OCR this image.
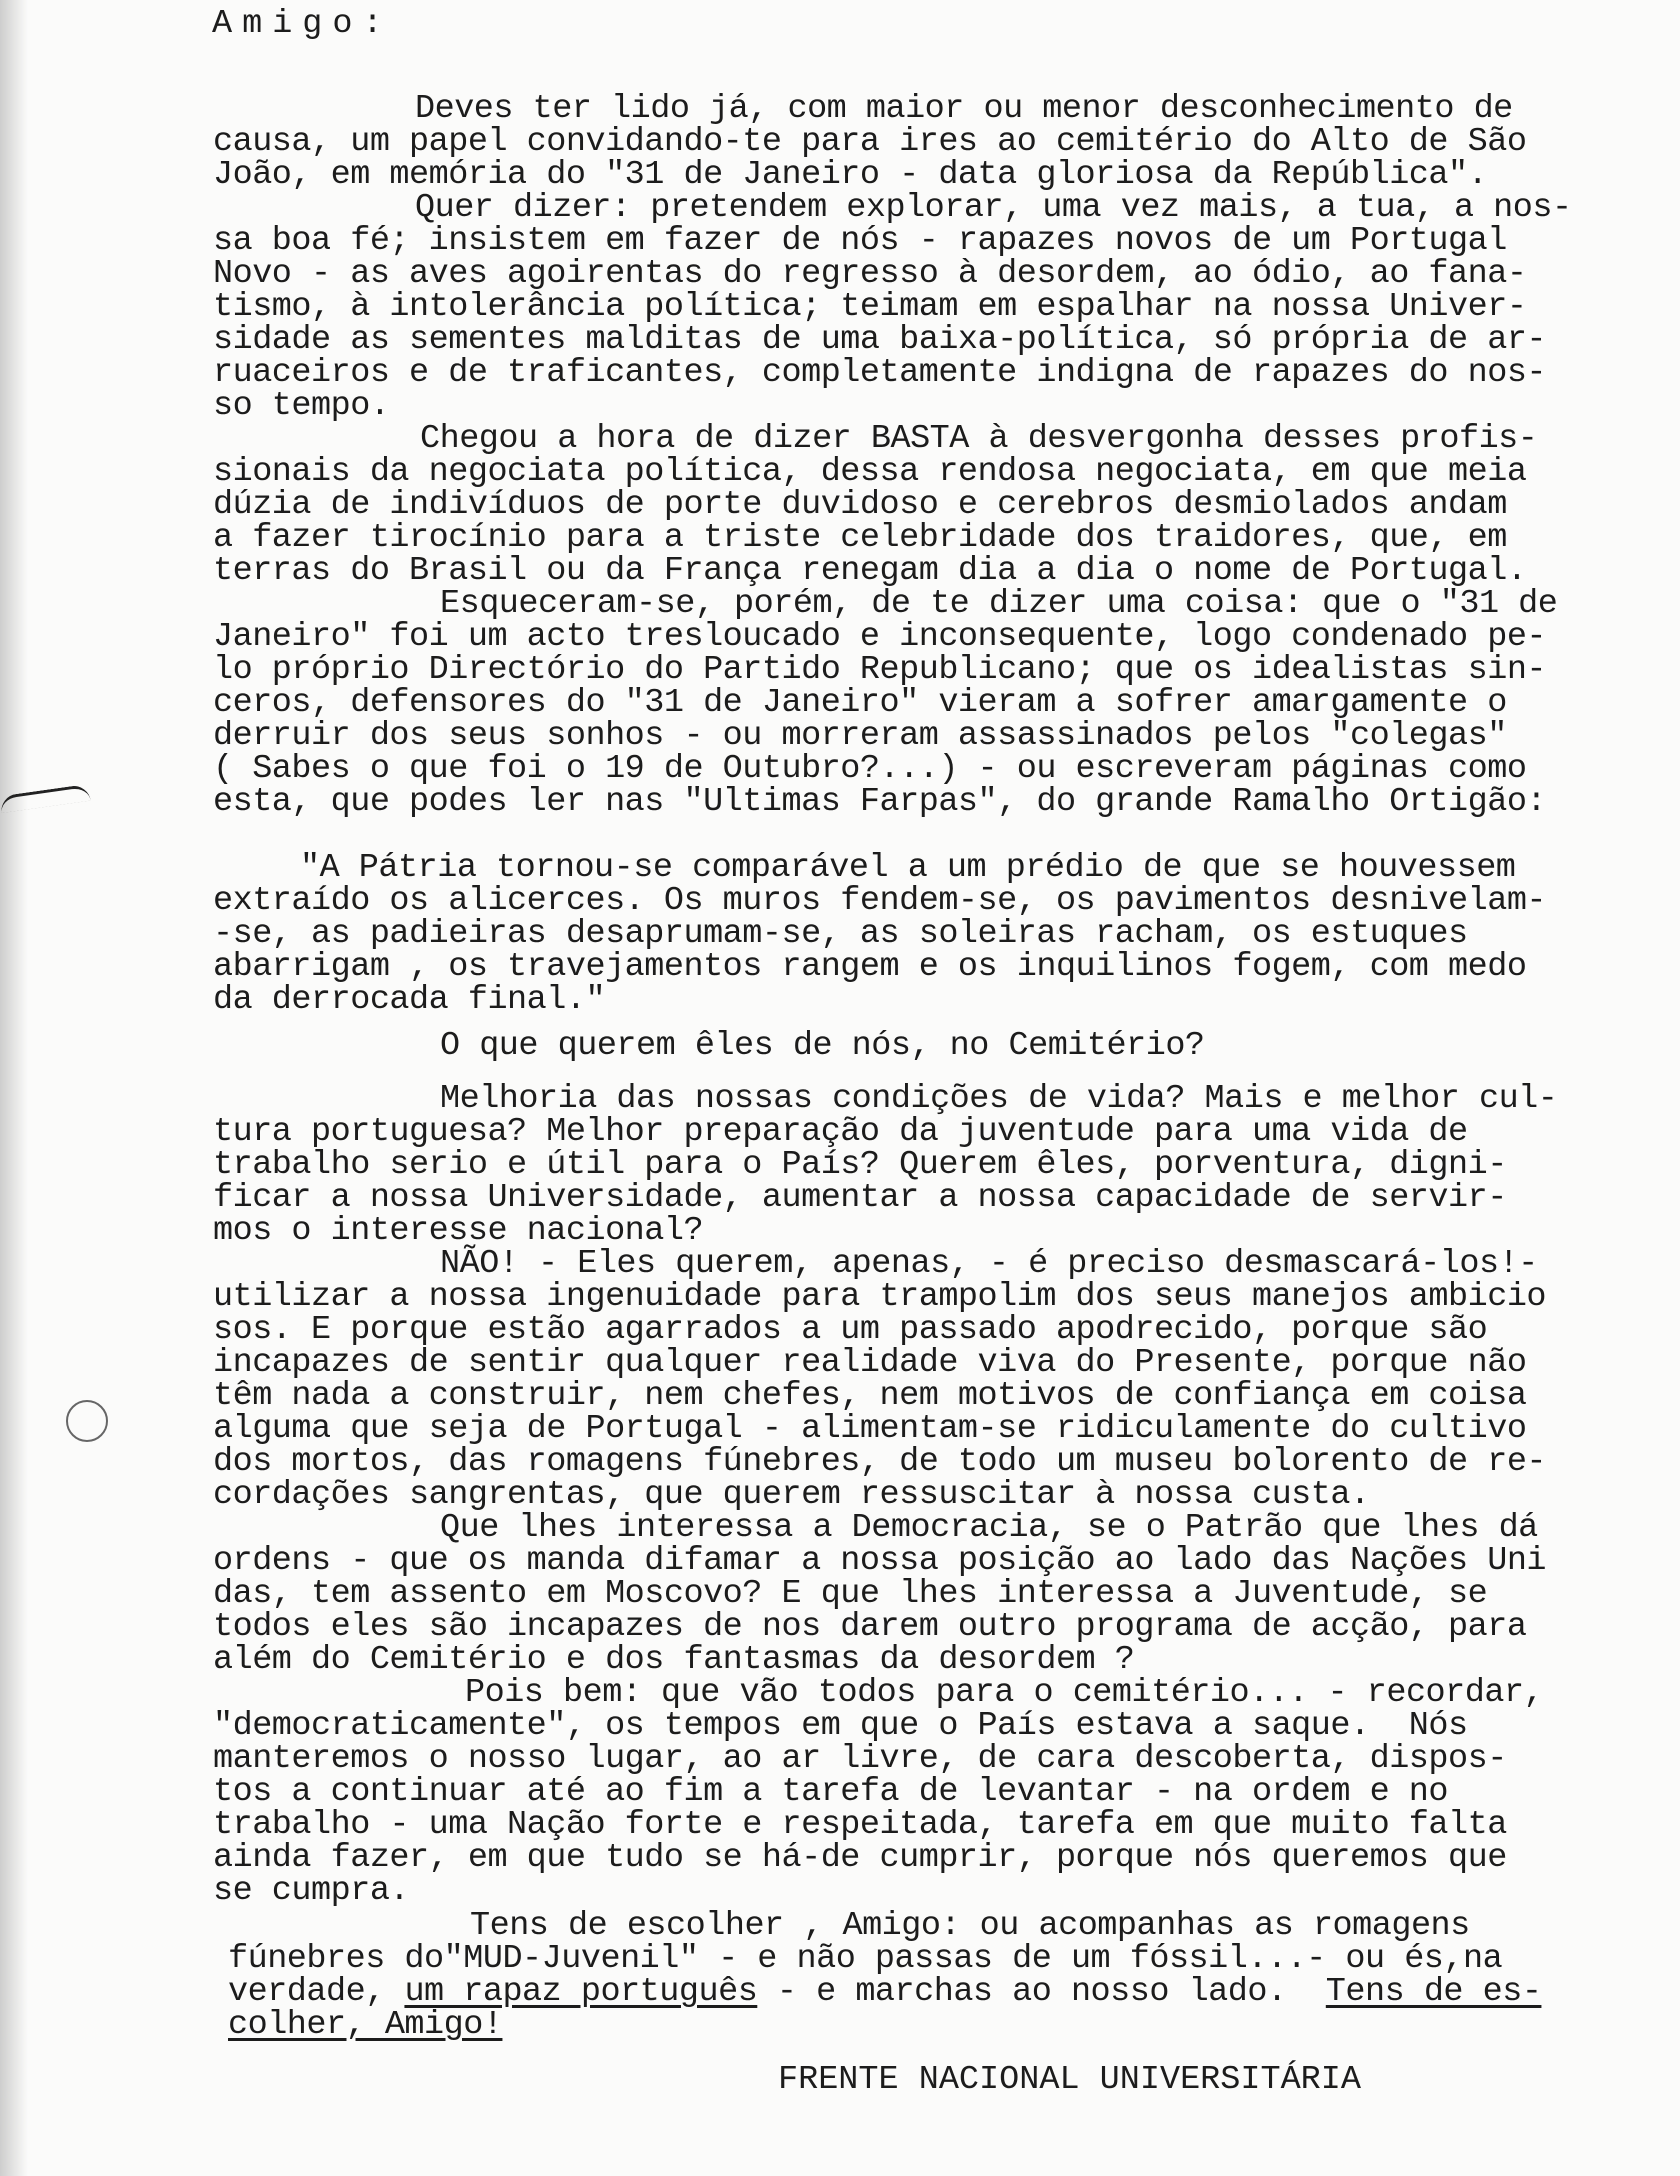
Amigo:
Deves ter lido já, com maior ou menor desconhecimento de
causa, um papel convidando-te para ires ao cemitério do Alto de São
João, em memória do "31 de Janeiro - data gloriosa da República".
Quer dizer: pretendem explorar, uma vez mais, a tua, a nos-
sa boa fé; insistem em fazer de nós - rapazes novos de um Portugal
Novo - as aves agoirentas do regresso à desordem, ao ódio, ao fana-
tismo, à intolerância política; teimam em espalhar na nossa Univer-
sidade as sementes malditas de uma baixa-política, só própria de ar-
ruaceiros e de traficantes, completamente indigna de rapazes do nos-
so tempo.
Chegou a hora de dizer BASTA à desvergonha desses profis-
sionais da negociata política, dessa rendosa negociata, em que meia
dúzia de indivíduos de porte duvidoso e cerebros desmiolados andam
a fazer tirocínio para a triste celebridade dos traidores, que, em
terras do Brasil ou da França renegam dia a dia o nome de Portugal.
Esqueceram-se, porém, de te dizer uma coisa: que o "31 de
Janeiro" foi um acto tresloucado e inconsequente, logo condenado pe-
lo próprio Directório do Partido Republicano; que os idealistas sin-
ceros, defensores do "31 de Janeiro" vieram a sofrer amargamente o
derruir dos seus sonhos - ou morreram assassinados pelos "colegas"
( Sabes o que foi o 19 de Outubro?...) - ou escreveram páginas como
esta, que podes ler nas "Ultimas Farpas", do grande Ramalho Ortigão:
"A Pátria tornou-se comparável a um prédio de que se houvessem
extraído os alicerces. Os muros fendem-se, os pavimentos desnivelam-
-se, as padieiras desaprumam-se, as soleiras racham, os estuques
abarrigam , os travejamentos rangem e os inquilinos fogem, com medo
da derrocada final."
O que querem êles de nós, no Cemitério?
Melhoria das nossas condições de vida? Mais e melhor cul-
tura portuguesa? Melhor preparação da juventude para uma vida de
trabalho serio e útil para o País? Querem êles, porventura, digni-
ficar a nossa Universidade, aumentar a nossa capacidade de servir-
mos o interesse nacional?
NÃO! - Eles querem, apenas, - é preciso desmascará-los!-
utilizar a nossa ingenuidade para trampolim dos seus manejos ambicio
sos. E porque estão agarrados a um passado apodrecido, porque são
incapazes de sentir qualquer realidade viva do Presente, porque não
têm nada a construir, nem chefes, nem motivos de confiança em coisa
alguma que seja de Portugal - alimentam-se ridiculamente do cultivo
dos mortos, das romagens fúnebres, de todo um museu bolorento de re-
cordações sangrentas, que querem ressuscitar à nossa custa.
Que lhes interessa a Democracia, se o Patrão que lhes dá
ordens - que os manda difamar a nossa posição ao lado das Nações Uni
das, tem assento em Moscovo? E que lhes interessa a Juventude, se
todos eles são incapazes de nos darem outro programa de acção, para
além do Cemitério e dos fantasmas da desordem ?
Pois bem: que vão todos para o cemitério... - recordar,
"democraticamente", os tempos em que o País estava a saque.  Nós
manteremos o nosso lugar, ao ar livre, de cara descoberta, dispos-
tos a continuar até ao fim a tarefa de levantar - na ordem e no
trabalho - uma Nação forte e respeitada, tarefa em que muito falta
ainda fazer, em que tudo se há-de cumprir, porque nós queremos que
se cumpra.
Tens de escolher , Amigo: ou acompanhas as romagens
fúnebres do"MUD-Juvenil" - e não passas de um fóssil...- ou és,na
verdade, um rapaz português - e marchas ao nosso lado.  Tens de es-
colher, Amigo!
FRENTE NACIONAL UNIVERSITÁRIA
